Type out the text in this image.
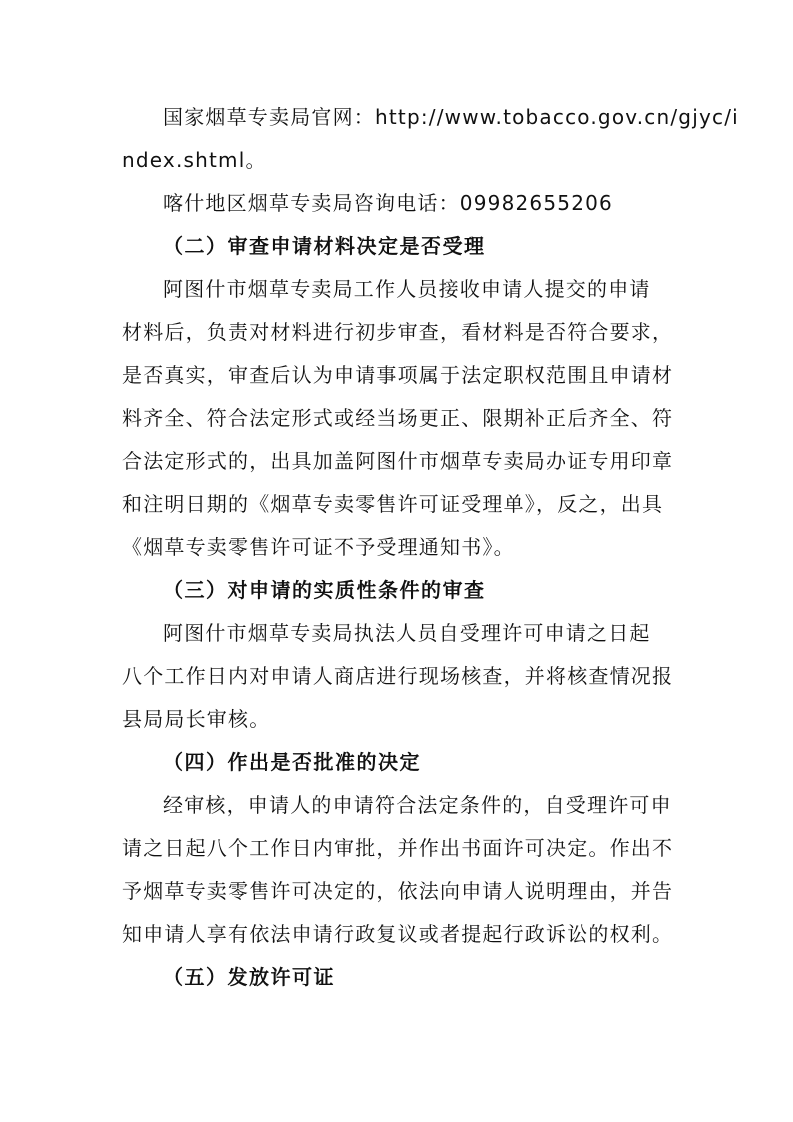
国家烟草专卖局官网：http://www.tobacco.gov.cn/gjyc/i
ndex.shtml。
喀什地区烟草专卖局咨询电话：09982655206
（二）审查申请材料决定是否受理
阿图什市烟草专卖局工作人员接收申请人提交的申请
材料后，负责对材料进行初步审查，看材料是否符合要求，
是否真实，审查后认为申请事项属于法定职权范围且申请材
料齐全、符合法定形式或经当场更正、限期补正后齐全、符
合法定形式的，出具加盖阿图什市烟草专卖局办证专用印章
和注明日期的《烟草专卖零售许可证受理单》，反之，出具
《烟草专卖零售许可证不予受理通知书》。
（三）对申请的实质性条件的审查
阿图什市烟草专卖局执法人员自受理许可申请之日起
八个工作日内对申请人商店进行现场核查，并将核查情况报
县局局长审核。
（四）作出是否批准的决定
经审核，申请人的申请符合法定条件的，自受理许可申
请之日起八个工作日内审批，并作出书面许可决定。作出不
予烟草专卖零售许可决定的，依法向申请人说明理由，并告
知申请人享有依法申请行政复议或者提起行政诉讼的权利。
（五）发放许可证
